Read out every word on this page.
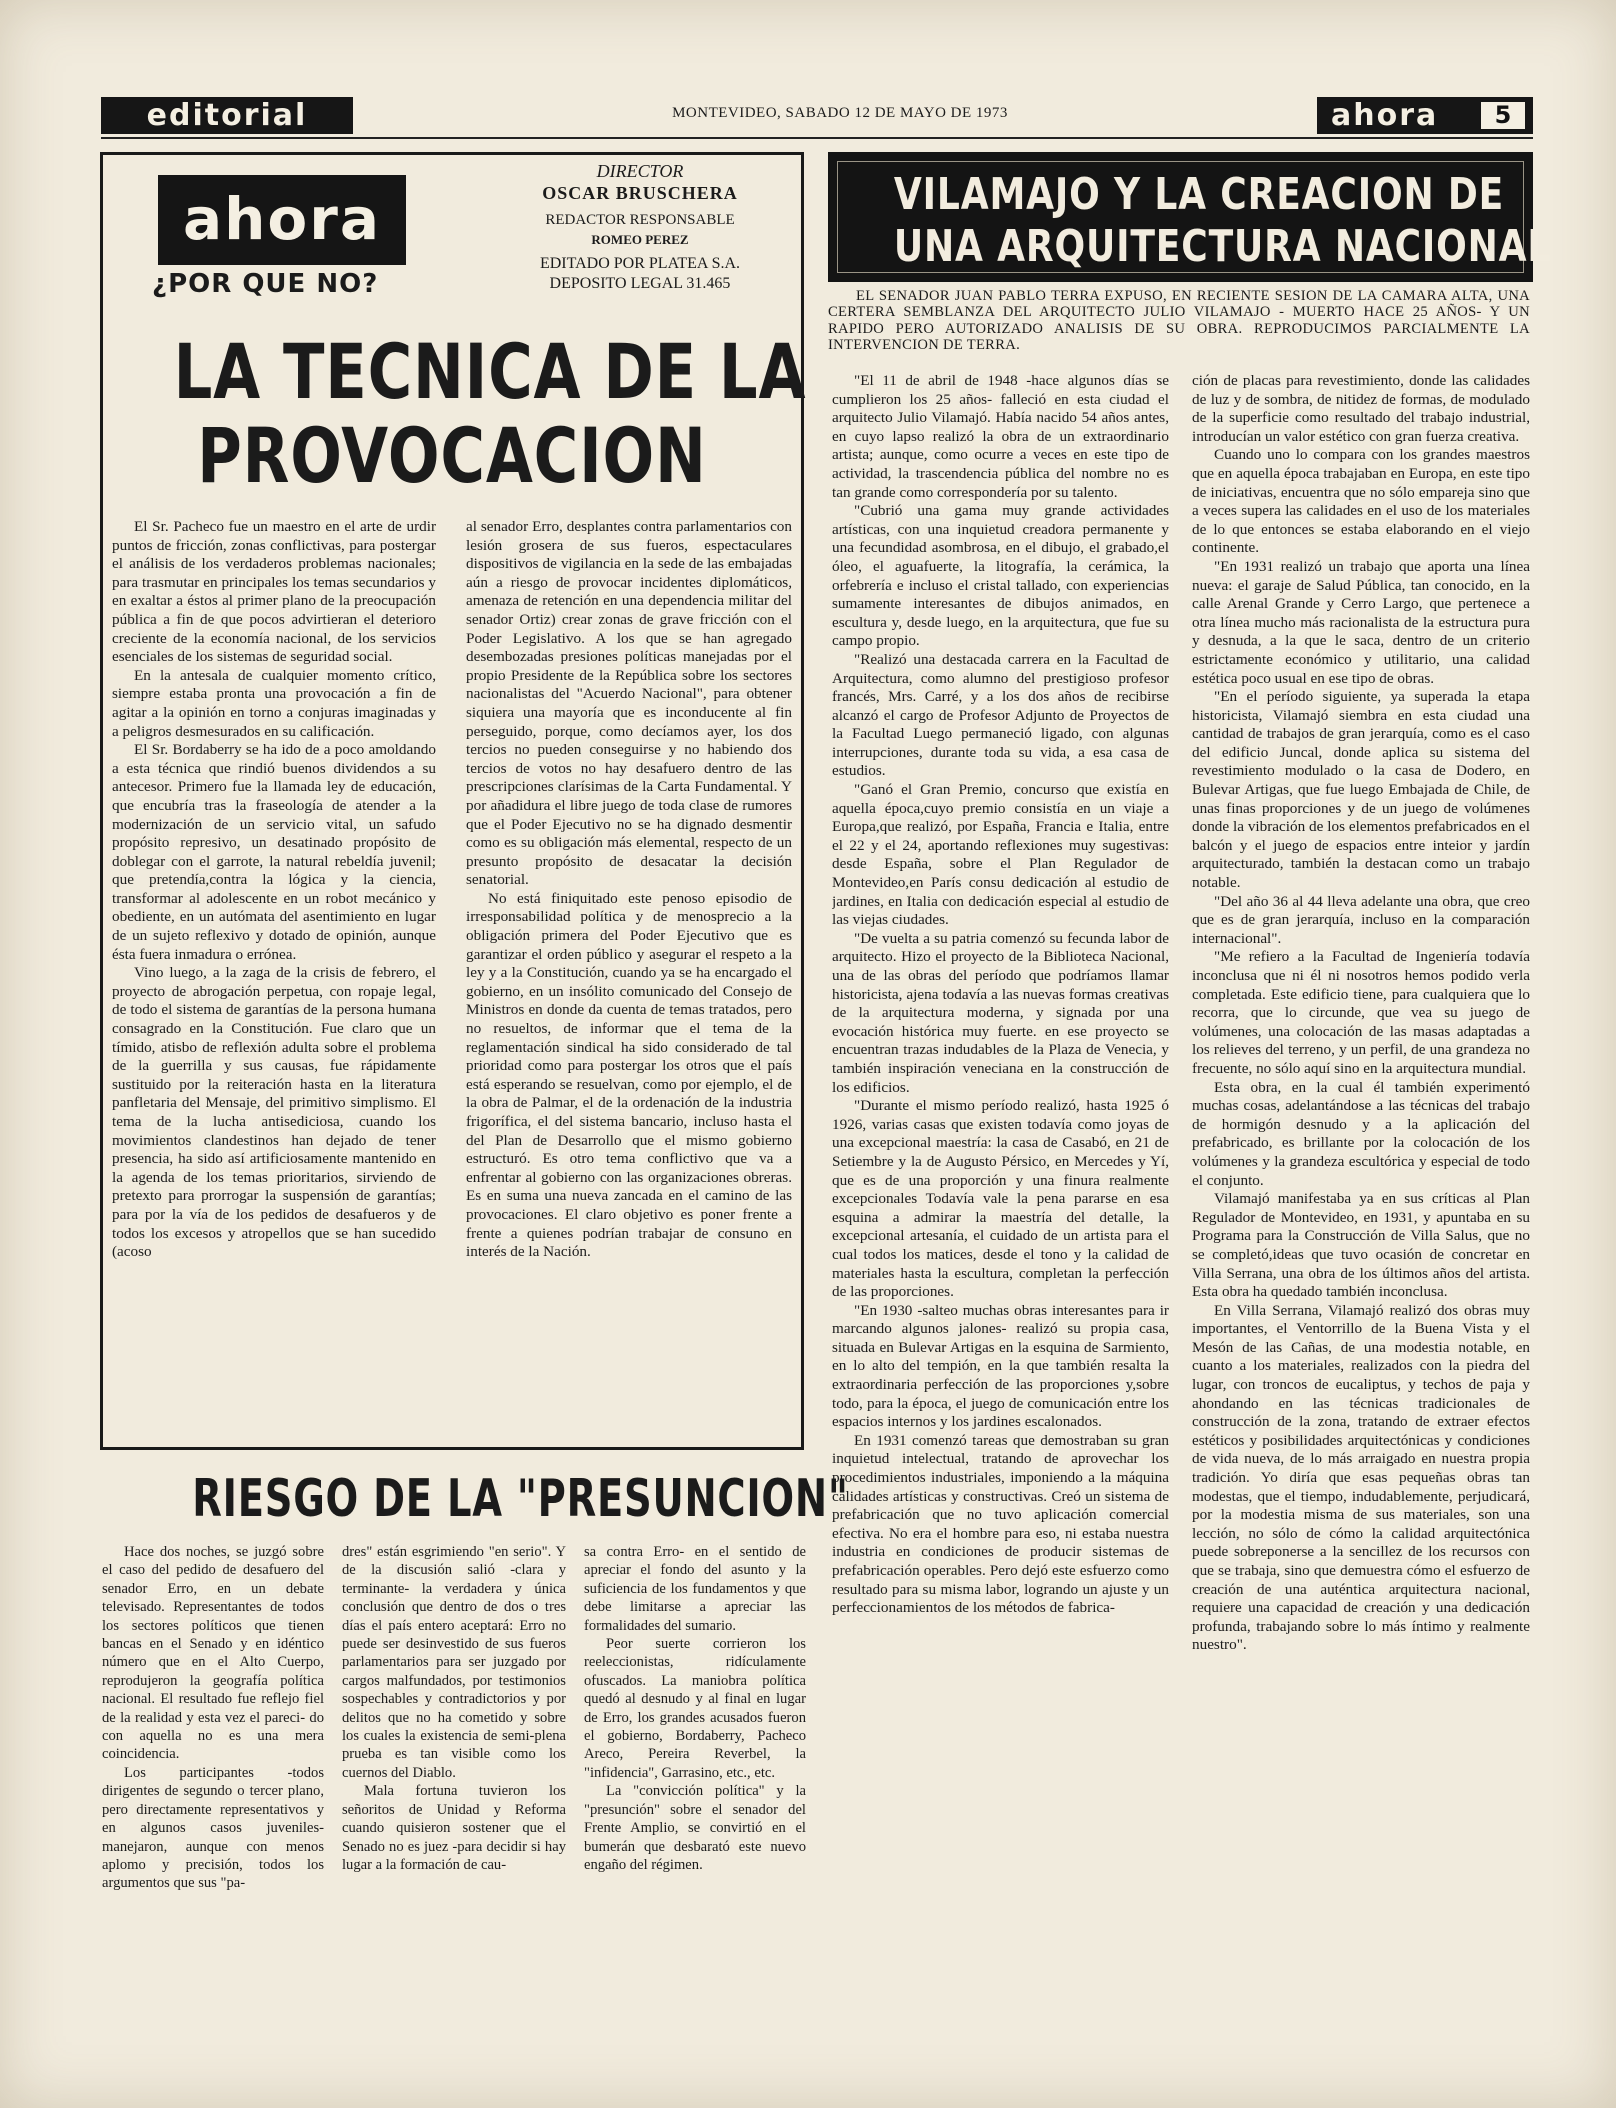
editorial	MONTEVIDEO, SABADO 12 DE MAYO DE 1973	ahora	5
ahora
¿POR QUE NO?
DIRECTOR
OSCAR BRUSCHERA
REDACTOR RESPONSABLE
ROMEO PEREZ
EDITADO POR PLATEA S.A.
DEPOSITO LEGAL 31.465
LA TECNICA DE LA
PROVOCACION

El Sr. Pacheco fue un maestro en el arte de urdir puntos de fricción, zonas conflictivas, para postergar el análisis de los verdaderos problemas nacionales; para trasmutar en principales los temas secundarios y en exaltar a éstos al primer plano de la preocupación pública a fin de que pocos advirtieran el deterioro creciente de la economía nacional, de los servicios esenciales de los sistemas de seguridad social.

En la antesala de cualquier momento crítico, siempre estaba pronta una provocación a fin de agitar a la opinión en torno a conjuras imaginadas y a peligros desmesurados en su calificación.

El Sr. Bordaberry se ha ido de a poco amoldando a esta técnica que rindió buenos dividendos a su antecesor. Primero fue la llamada ley de educación, que encubría tras la fraseología de atender a la modernización de un servicio vital, un safudo propósito represivo, un desatinado propósito de doblegar con el garrote, la natural rebeldía juvenil; que pretendía,contra la lógica y la ciencia, transformar al adolescente en un robot mecánico y obediente, en un autómata del asentimiento en lugar de un sujeto reflexivo y dotado de opinión, aunque ésta fuera inmadura o errónea.

Vino luego, a la zaga de la crisis de febrero, el proyecto de abrogación perpetua, con ropaje legal, de todo el sistema de garantías de la persona humana consagrado en la Constitución. Fue claro que un tímido, atisbo de reflexión adulta sobre el problema de la guerrilla y sus causas, fue rápidamente sustituido por la reiteración hasta en la literatura panfletaria del Mensaje, del primitivo simplismo. El tema de la lucha antisediciosa, cuando los movimientos clandestinos han dejado de tener presencia, ha sido así artificiosamente mantenido en la agenda de los temas prioritarios, sirviendo de pretexto para prorrogar la suspensión de garantías; para por la vía de los pedidos de desafueros y de todos los excesos y atropellos que se han sucedido (acoso

al senador Erro, desplantes contra parlamentarios con lesión grosera de sus fueros, espectaculares dispositivos de vigilancia en la sede de las embajadas aún a riesgo de provocar incidentes diplomáticos, amenaza de retención en una dependencia militar del senador Ortiz) crear zonas de grave fricción con el Poder Legislativo. A los que se han agregado desembozadas presiones políticas manejadas por el propio Presidente de la República sobre los sectores nacionalistas del "Acuerdo Nacional", para obtener siquiera una mayoría que es inconducente al fin perseguido, porque, como decíamos ayer, los dos tercios no pueden conseguirse y no habiendo dos tercios de votos no hay desafuero dentro de las prescripciones clarísimas de la Carta Fundamental. Y por añadidura el libre juego de toda clase de rumores que el Poder Ejecutivo no se ha dignado desmentir como es su obligación más elemental, respecto de un presunto propósito de desacatar la decisión senatorial.

No está finiquitado este penoso episodio de irresponsabilidad política y de menosprecio a la obligación primera del Poder Ejecutivo que es garantizar el orden público y asegurar el respeto a la ley y a la Constitución, cuando ya se ha encargado el gobierno, en un insólito comunicado del Consejo de Ministros en donde da cuenta de temas tratados, pero no resueltos, de informar que el tema de la reglamentación sindical ha sido considerado de tal prioridad como para postergar los otros que el país está esperando se resuelvan, como por ejemplo, el de la obra de Palmar, el de la ordenación de la industria frigorífica, el del sistema bancario, incluso hasta el del Plan de Desarrollo que el mismo gobierno estructuró. Es otro tema conflictivo que va a enfrentar al gobierno con las organizaciones obreras. Es en suma una nueva zancada en el camino de las provocaciones. El claro objetivo es poner frente a frente a quienes podrían trabajar de consuno en interés de la Nación.

RIESGO DE LA "PRESUNCION"

Hace dos noches, se juzgó sobre el caso del pedido de desafuero del senador Erro, en un debate televisado. Representantes de todos los sectores políticos que tienen bancas en el Senado y en idéntico número que en el Alto Cuerpo, reprodujeron la geografía política nacional. El resultado fue reflejo fiel de la realidad y esta vez el pareci- do con aquella no es una mera coincidencia.

Los participantes -todos dirigentes de segundo o tercer plano, pero directamente representativos y en algunos casos juveniles- manejaron, aunque con menos aplomo y precisión, todos los argumentos que sus "pa-

dres" están esgrimiendo "en serio". Y de la discusión salió -clara y terminante- la verdadera y única conclusión que dentro de dos o tres días el país entero aceptará: Erro no puede ser desinvestido de sus fueros parlamentarios para ser juzgado por cargos malfundados, por testimonios sospechables y contradictorios y por delitos que no ha cometido y sobre los cuales la existencia de semi-plena prueba es tan visible como los cuernos del Diablo.

Mala fortuna tuvieron los señoritos de Unidad y Reforma cuando quisieron sostener que el Senado no es juez -para decidir si hay lugar a la formación de cau-

sa contra Erro- en el sentido de apreciar el fondo del asunto y la suficiencia de los fundamentos y que debe limitarse a apreciar las formalidades del sumario.

Peor suerte corrieron los reeleccionistas, ridículamente ofuscados. La maniobra política quedó al desnudo y al final en lugar de Erro, los grandes acusados fueron el gobierno, Bordaberry, Pacheco Areco, Pereira Reverbel, la "infidencia", Garrasino, etc., etc.

La "convicción política" y la "presunción" sobre el senador del Frente Amplio, se convirtió en el bumerán que desbarató este nuevo engaño del régimen.

VILAMAJO Y LA CREACION DE
UNA ARQUITECTURA NACIONAL
EL SENADOR JUAN PABLO TERRA EXPUSO, EN RECIENTE SESION DE LA CAMARA ALTA, UNA CERTERA SEMBLANZA DEL ARQUITECTO JULIO VILAMAJO - MUERTO HACE 25 AÑOS- Y UN RAPIDO PERO AUTORIZADO ANALISIS DE SU OBRA. REPRODUCIMOS PARCIALMENTE LA INTERVENCION DE TERRA.

"El 11 de abril de 1948 -hace algunos días se cumplieron los 25 años- falleció en esta ciudad el arquitecto Julio Vilamajó. Había nacido 54 años antes, en cuyo lapso realizó la obra de un extraordinario artista; aunque, como ocurre a veces en este tipo de actividad, la trascendencia pública del nombre no es tan grande como correspondería por su talento.

"Cubrió una gama muy grande actividades artísticas, con una inquietud creadora permanente y una fecundidad asombrosa, en el dibujo, el grabado,el óleo, el aguafuerte, la litografía, la cerámica, la orfebrería e incluso el cristal tallado, con experiencias sumamente interesantes de dibujos animados, en escultura y, desde luego, en la arquitectura, que fue su campo propio.

"Realizó una destacada carrera en la Facultad de Arquitectura, como alumno del prestigioso profesor francés, Mrs. Carré, y a los dos años de recibirse alcanzó el cargo de Profesor Adjunto de Proyectos de la Facultad Luego permaneció ligado, con algunas interrupciones, durante toda su vida, a esa casa de estudios.

"Ganó el Gran Premio, concurso que existía en aquella época,cuyo premio consistía en un viaje a Europa,que realizó, por España, Francia e Italia, entre el 22 y el 24, aportando reflexiones muy sugestivas: desde España, sobre el Plan Regulador de Montevideo,en París consu dedicación al estudio de jardines, en Italia con dedicación especial al estudio de las viejas ciudades.

"De vuelta a su patria comenzó su fecunda labor de arquitecto. Hizo el proyecto de la Biblioteca Nacional, una de las obras del período que podríamos llamar historicista, ajena todavía a las nuevas formas creativas de la arquitectura moderna, y signada por una evocación histórica muy fuerte. en ese proyecto se encuentran trazas indudables de la Plaza de Venecia, y también inspiración veneciana en la construcción de los edificios.

"Durante el mismo período realizó, hasta 1925 ó 1926, varias casas que existen todavía como joyas de una excepcional maestría: la casa de Casabó, en 21 de Setiembre y la de Augusto Pérsico, en Mercedes y Yí, que es de una proporción y una finura realmente excepcionales Todavía vale la pena pararse en esa esquina a admirar la maestría del detalle, la excepcional artesanía, el cuidado de un artista para el cual todos los matices, desde el tono y la calidad de materiales hasta la escultura, completan la perfección de las proporciones.

"En 1930 -salteo muchas obras interesantes para ir marcando algunos jalones- realizó su propia casa, situada en Bulevar Artigas en la esquina de Sarmiento, en lo alto del tempión, en la que también resalta la extraordinaria perfección de las proporciones y,sobre todo, para la época, el juego de comunicación entre los espacios internos y los jardines escalonados.

En 1931 comenzó tareas que demostraban su gran inquietud intelectual, tratando de aprovechar los procedimientos industriales, imponiendo a la máquina calidades artísticas y constructivas. Creó un sistema de prefabricación que no tuvo aplicación comercial efectiva. No era el hombre para eso, ni estaba nuestra industria en condiciones de producir sistemas de prefabricación operables. Pero dejó este esfuerzo como resultado para su misma labor, logrando un ajuste y un perfeccionamientos de los métodos de fabrica-

ción de placas para revestimiento, donde las calidades de luz y de sombra, de nitidez de formas, de modulado de la superficie como resultado del trabajo industrial, introducían un valor estético con gran fuerza creativa.

Cuando uno lo compara con los grandes maestros que en aquella época trabajaban en Europa, en este tipo de iniciativas, encuentra que no sólo empareja sino que a veces supera las calidades en el uso de los materiales de lo que entonces se estaba elaborando en el viejo continente.

"En 1931 realizó un trabajo que aporta una línea nueva: el garaje de Salud Pública, tan conocido, en la calle Arenal Grande y Cerro Largo, que pertenece a otra línea mucho más racionalista de la estructura pura y desnuda, a la que le saca, dentro de un criterio estrictamente económico y utilitario, una calidad estética poco usual en ese tipo de obras.

"En el período siguiente, ya superada la etapa historicista, Vilamajó siembra en esta ciudad una cantidad de trabajos de gran jerarquía, como es el caso del edificio Juncal, donde aplica su sistema del revestimiento modulado o la casa de Dodero, en Bulevar Artigas, que fue luego Embajada de Chile, de unas finas proporciones y de un juego de volúmenes donde la vibración de los elementos prefabricados en el balcón y el juego de espacios entre inteior y jardín arquitecturado, también la destacan como un trabajo notable.

"Del año 36 al 44 lleva adelante una obra, que creo que es de gran jerarquía, incluso en la comparación internacional".

"Me refiero a la Facultad de Ingeniería todavía inconclusa que ni él ni nosotros hemos podido verla completada. Este edificio tiene, para cualquiera que lo recorra, que lo circunde, que vea su juego de volúmenes, una colocación de las masas adaptadas a los relieves del terreno, y un perfil, de una grandeza no frecuente, no sólo aquí sino en la arquitectura mundial.

Esta obra, en la cual él también experimentó muchas cosas, adelantándose a las técnicas del trabajo de hormigón desnudo y a la aplicación del prefabricado, es brillante por la colocación de los volúmenes y la grandeza escultórica y especial de todo el conjunto.

Vilamajó manifestaba ya en sus críticas al Plan Regulador de Montevideo, en 1931, y apuntaba en su Programa para la Construcción de Villa Salus, que no se completó,ideas que tuvo ocasión de concretar en Villa Serrana, una obra de los últimos años del artista. Esta obra ha quedado también inconclusa.

En Villa Serrana, Vilamajó realizó dos obras muy importantes, el Ventorrillo de la Buena Vista y el Mesón de las Cañas, de una modestia notable, en cuanto a los materiales, realizados con la piedra del lugar, con troncos de eucaliptus, y techos de paja y ahondando en las técnicas tradicionales de construcción de la zona, tratando de extraer efectos estéticos y posibilidades arquitectónicas y condiciones de vida nueva, de lo más arraigado en nuestra propia tradición. Yo diría que esas pequeñas obras tan modestas, que el tiempo, indudablemente, perjudicará, por la modestia misma de sus materiales, son una lección, no sólo de cómo la calidad arquitectónica puede sobreponerse a la sencillez de los recursos con que se trabaja, sino que demuestra cómo el esfuerzo de creación de una auténtica arquitectura nacional, requiere una capacidad de creación y una dedicación profunda, trabajando sobre lo más íntimo y realmente nuestro".
